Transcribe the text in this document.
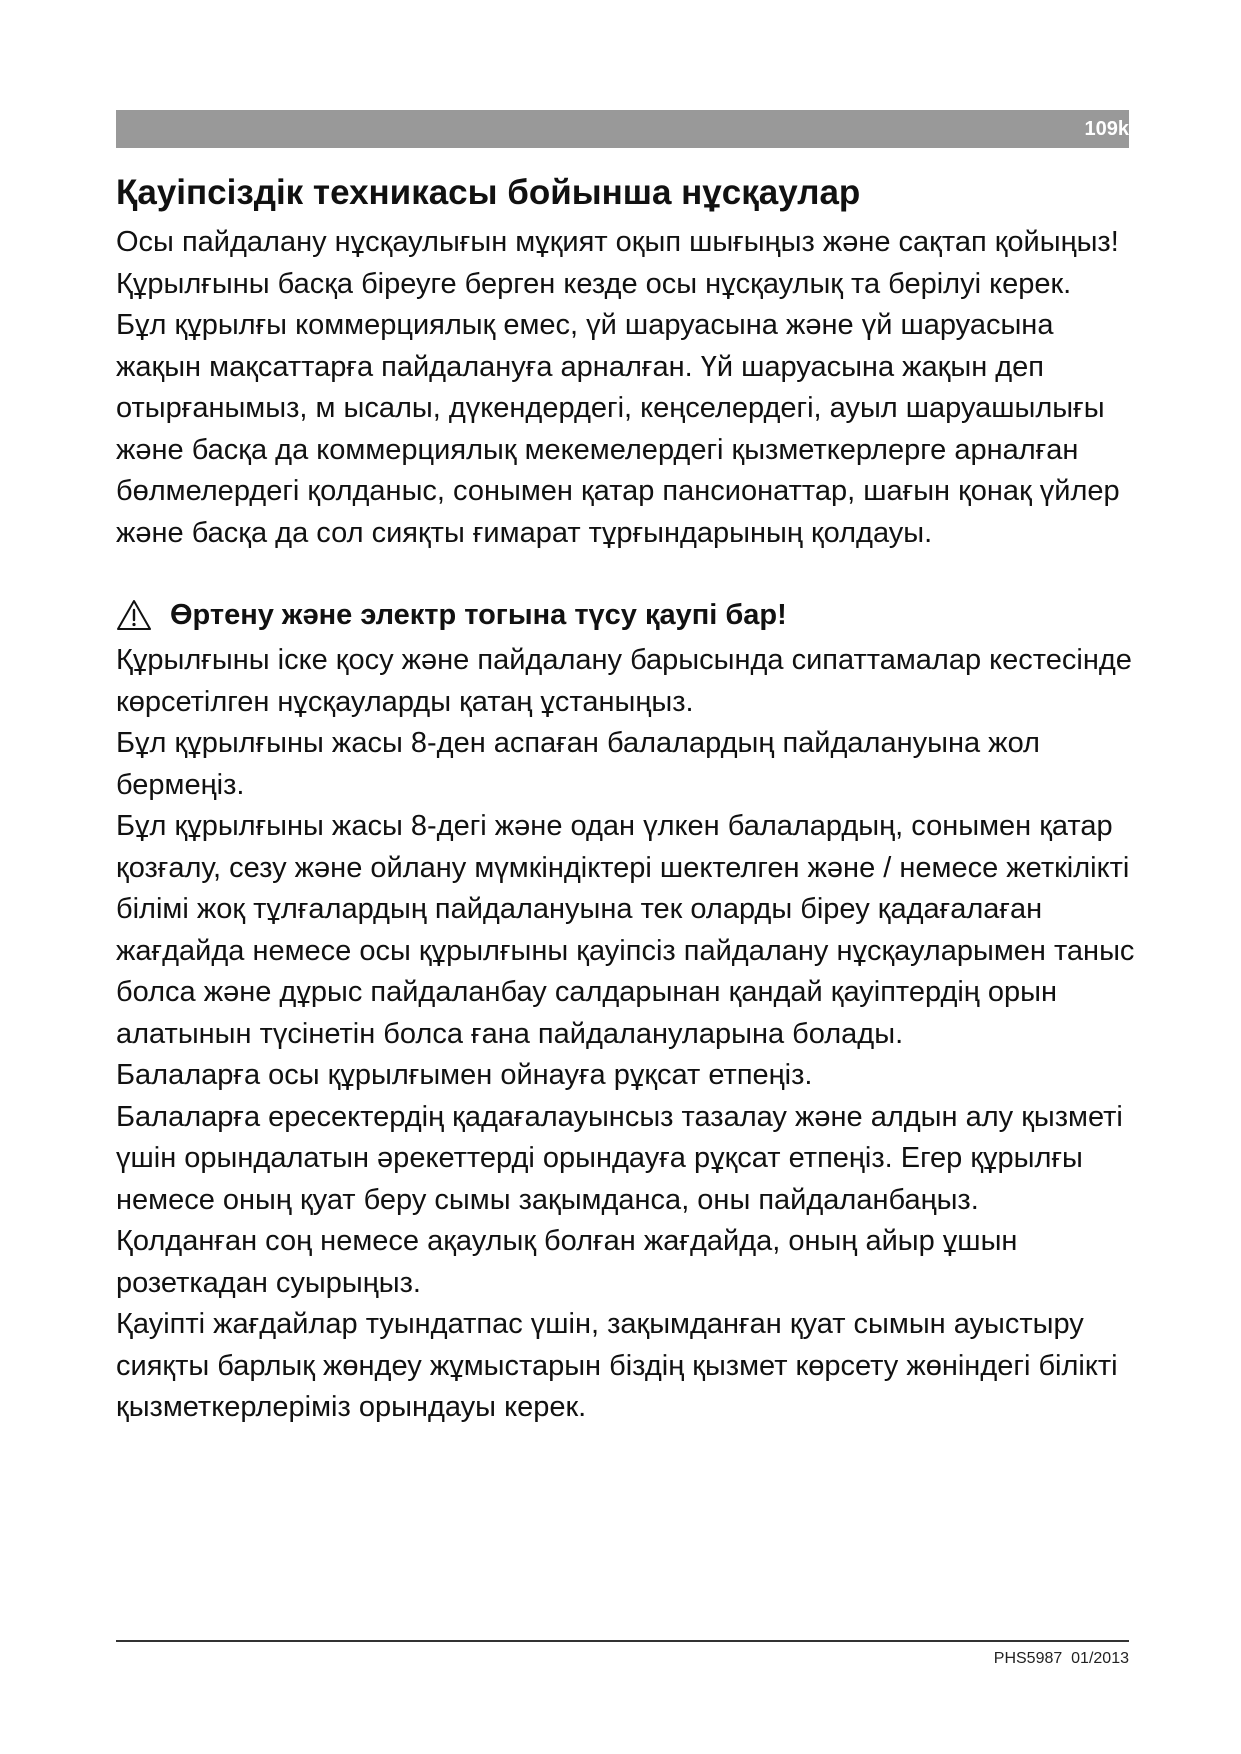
109k
Қауіпсіздік техникасы бойынша нұсқаулар

Осы пайдалану нұсқаулығын мұқият оқып шығыңыз және сақтап қойыңыз! Құрылғыны басқа біреуге берген кезде осы нұсқаулық та берілуі керек.

Бұл құрылғы коммерциялық емес, үй шаруасына және үй шаруасына жақын мақсаттарға пайдалануға арналған. Үй шаруасына жақын деп отырғанымыз, м ысалы, дүкендердегі, кеңселердегі, ауыл шаруашылығы және басқа да коммерциялық мекемелердегі қызметкерлерге арналған бөлмелердегі қолданыс, сонымен қатар пансионаттар, шағын қонақ үйлер және басқа да сол сияқты ғимарат тұрғындарының қолдауы.

Өртену және электр тогына түсу қаупі бар!

Құрылғыны іске қосу және пайдалану барысында сипаттамалар кестесінде көрсетілген нұсқауларды қатаң ұстаныңыз.

Бұл құрылғыны жасы 8-ден аспаған балалардың пайдалануына жол бермеңіз.

Бұл құрылғыны жасы 8-дегі және одан үлкен балалардың, сонымен қатар қозғалу, сезу және ойлану мүмкіндіктері шектелген және / немесе жеткілікті білімі жоқ тұлғалардың пайдалануына тек оларды біреу қадағалаған жағдайда немесе осы құрылғыны қауіпсіз пайдалану нұсқауларымен таныс болса және дұрыс пайдаланбау салдарынан қандай қауіптердің орын алатынын түсінетін болса ғана пайдалануларына болады.

Балаларға осы құрылғымен ойнауға рұқсат етпеңіз.

Балаларға ересектердің қадағалауынсыз тазалау және алдын алу қызметі үшін орындалатын әрекеттерді орындауға рұқсат етпеңіз. Егер құрылғы немесе оның қуат беру сымы зақымданса, оны пайдаланбаңыз.

Қолданған соң немесе ақаулық болған жағдайда, оның айыр ұшын розеткадан суырыңыз.

Қауіпті жағдайлар туындатпас үшін, зақымданған қуат сымын ауыстыру сияқты барлық жөндеу жұмыстарын біздің қызмет көрсету жөніндегі білікті қызметкерлеріміз орындауы керек.

PHS5987 01/2013
